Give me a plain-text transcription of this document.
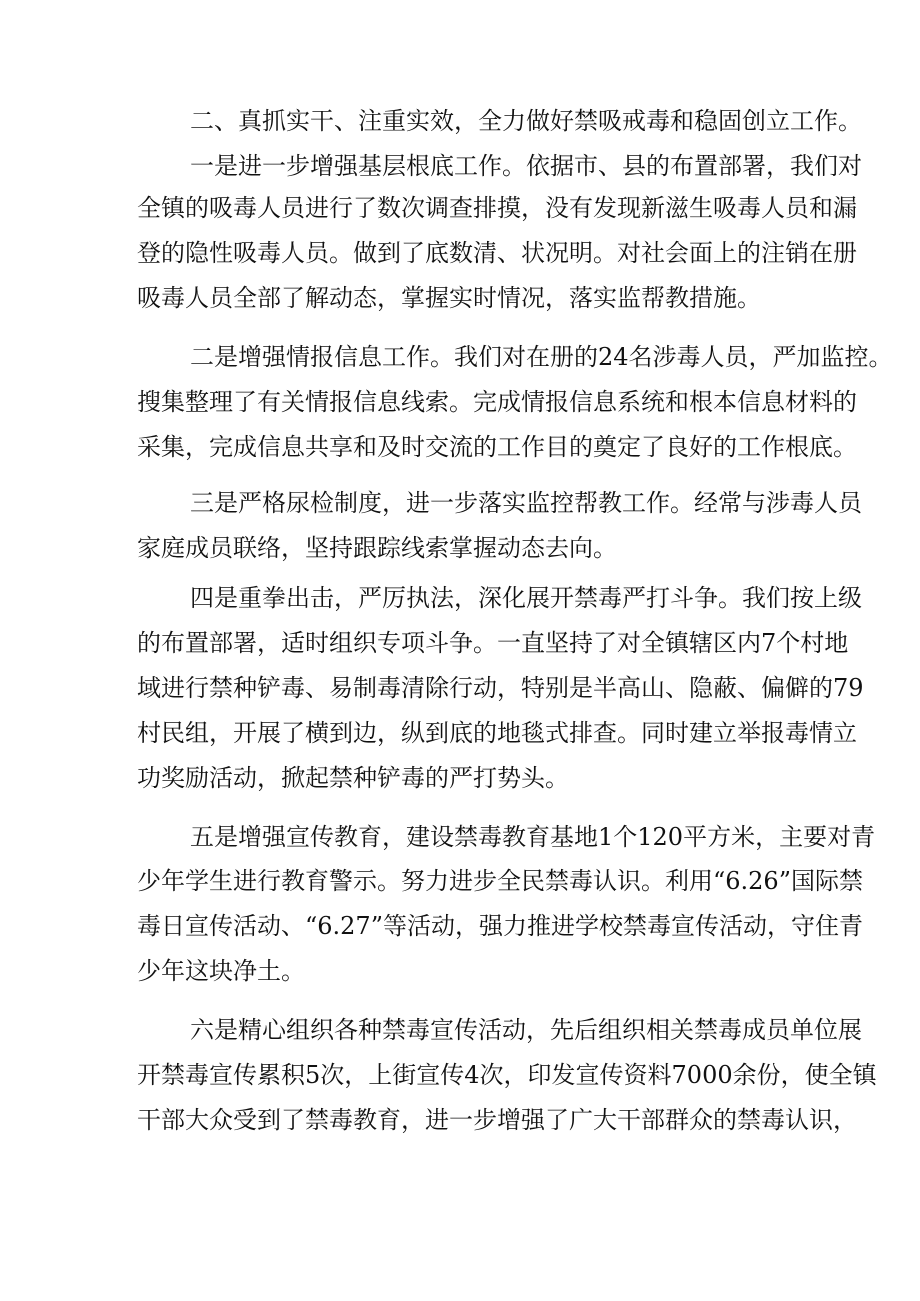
二、真抓实干、注重实效，全力做好禁吸戒毒和稳固创立工作。
一是进一步增强基层根底工作。依据市、县的布置部署，我们对
全镇的吸毒人员进行了数次调查排摸，没有发现新滋生吸毒人员和漏
登的隐性吸毒人员。做到了底数清、状况明。对社会面上的注销在册
吸毒人员全部了解动态，掌握实时情况，落实监帮教措施。
二是增强情报信息工作。我们对在册的24名涉毒人员，严加监控。
搜集整理了有关情报信息线索。完成情报信息系统和根本信息材料的
采集，完成信息共享和及时交流的工作目的奠定了良好的工作根底。
三是严格尿检制度，进一步落实监控帮教工作。经常与涉毒人员
家庭成员联络，坚持跟踪线索掌握动态去向。
四是重拳出击，严厉执法，深化展开禁毒严打斗争。我们按上级
的布置部署，适时组织专项斗争。一直坚持了对全镇辖区内7个村地
域进行禁种铲毒、易制毒清除行动，特别是半高山、隐蔽、偏僻的79
村民组，开展了横到边，纵到底的地毯式排查。同时建立举报毒情立
功奖励活动，掀起禁种铲毒的严打势头。
五是增强宣传教育，建设禁毒教育基地1个120平方米，主要对青
少年学生进行教育警示。努力进步全民禁毒认识。利用“6.26”国际禁
毒日宣传活动、“6.27”等活动，强力推进学校禁毒宣传活动，守住青
少年这块净土。
六是精心组织各种禁毒宣传活动，先后组织相关禁毒成员单位展
开禁毒宣传累积5次，上街宣传4次，印发宣传资料7000余份，使全镇
干部大众受到了禁毒教育，进一步增强了广大干部群众的禁毒认识，
